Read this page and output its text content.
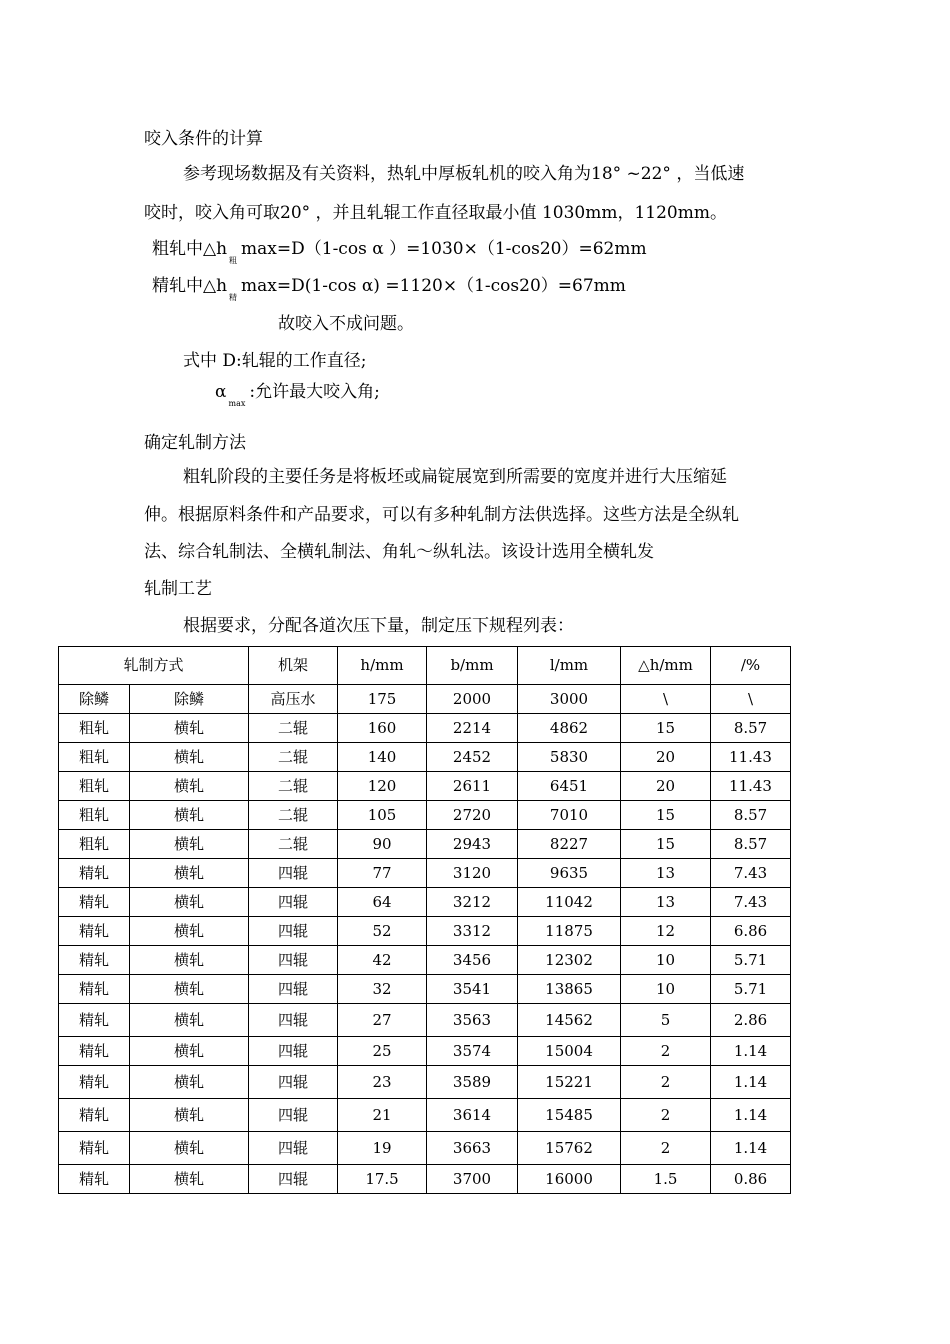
咬入条件的计算
参考现场数据及有关资料，热轧中厚板轧机的咬入角为18° ~22° ，当低速
咬时，咬入角可取20° ，并且轧辊工作直径取最小值 1030mm，1120mm。
粗轧中$\triangle h_粗\max=D(1-\cos$ α ）=1030×（1-cos20）=62mm
精轧中$\triangle h_精\max=D(1-\cos$ α) =1120×（1-cos20）=67mm
故咬入不成问题。
式中 D:轧辊的工作直径;
$\alpha_{max}$:允许最大咬入角;
确定轧制方法
粗轧阶段的主要任务是将板坯或扁锭展宽到所需要的宽度并进行大压缩延
伸。根据原料条件和产品要求，可以有多种轧制方法供选择。这些方法是全纵轧
法、综合轧制法、全横轧制法、角轧～纵轧法。该设计选用全横轧发
轧制工艺
根据要求，分配各道次压下量，制定压下规程列表：
轧制方式		机架	h/mm	b/mm	l/mm	△h/mm	/%
除鳞	除鳞	高压水	175	2000	3000	\	\
粗轧	横轧	二辊	160	2214	4862	15	8.57
粗轧	横轧	二辊	140	2452	5830	20	11.43
粗轧	横轧	二辊	120	2611	6451	20	11.43
粗轧	横轧	二辊	105	2720	7010	15	8.57
粗轧	横轧	二辊	90	2943	8227	15	8.57
精轧	横轧	四辊	77	3120	9635	13	7.43
精轧	横轧	四辊	64	3212	11042	13	7.43
精轧	横轧	四辊	52	3312	11875	12	6.86
精轧	横轧	四辊	42	3456	12302	10	5.71
精轧	横轧	四辊	32	3541	13865	10	5.71
精轧	横轧	四辊	27	3563	14562	5	2.86
精轧	横轧	四辊	25	3574	15004	2	1.14
精轧	横轧	四辊	23	3589	15221	2	1.14
精轧	横轧	四辊	21	3614	15485	2	1.14
精轧	横轧	四辊	19	3663	15762	2	1.14
精轧	横轧	四辊	17.5	3700	16000	1.5	0.86
